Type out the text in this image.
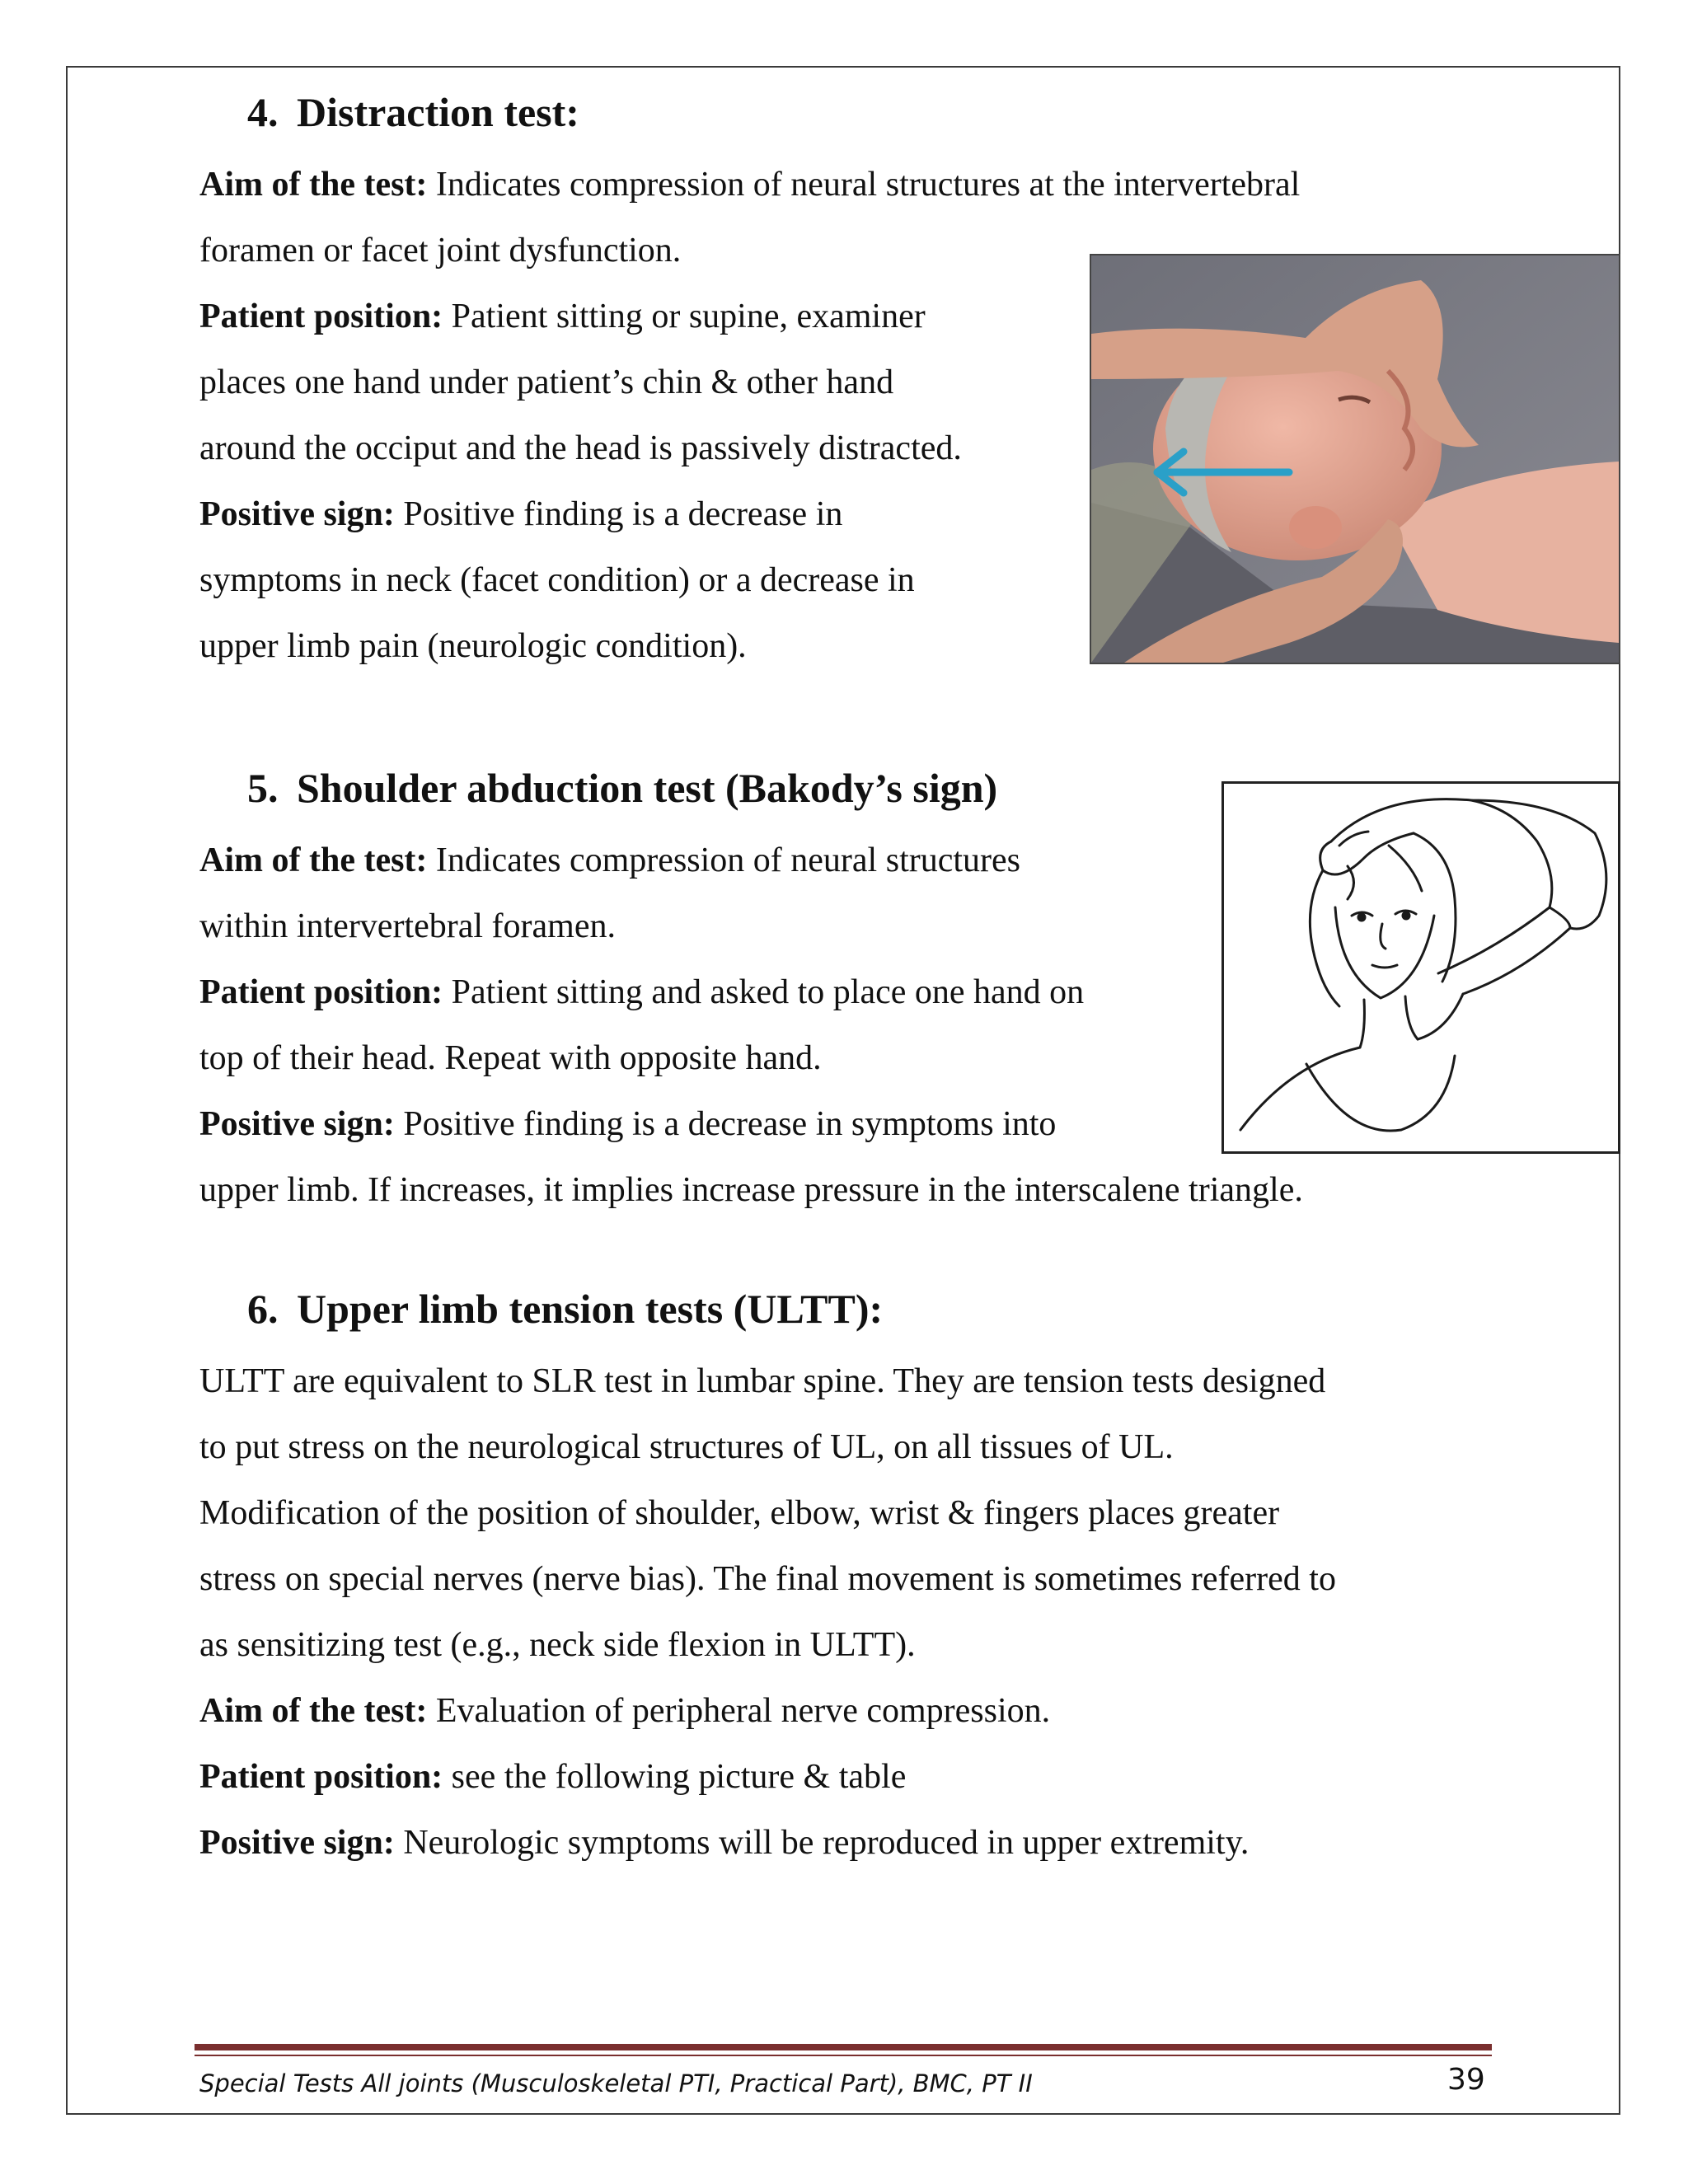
4. Distraction test:
Aim of the test: Indicates compression of neural structures at the intervertebral
foramen or facet joint dysfunction.
Patient position: Patient sitting or supine, examiner
places one hand under patient’s chin & other hand
around the occiput and the head is passively distracted.
Positive sign: Positive finding is a decrease in
symptoms in neck (facet condition) or a decrease in
upper limb pain (neurologic condition).
5. Shoulder abduction test (Bakody’s sign)
Aim of the test: Indicates compression of neural structures
within intervertebral foramen.
Patient position: Patient sitting and asked to place one hand on
top of their head. Repeat with opposite hand.
Positive sign: Positive finding is a decrease in symptoms into
upper limb. If increases, it implies increase pressure in the interscalene triangle.
6. Upper limb tension tests (ULTT):
ULTT are equivalent to SLR test in lumbar spine. They are tension tests designed
to put stress on the neurological structures of UL, on all tissues of UL.
Modification of the position of shoulder, elbow, wrist & fingers places greater
stress on special nerves (nerve bias). The final movement is sometimes referred to
as sensitizing test (e.g., neck side flexion in ULTT).
Aim of the test: Evaluation of peripheral nerve compression.
Patient position: see the following picture & table
Positive sign: Neurologic symptoms will be reproduced in upper extremity.
Special Tests All joints (Musculoskeletal PTI, Practical Part), BMC, PT II	39
